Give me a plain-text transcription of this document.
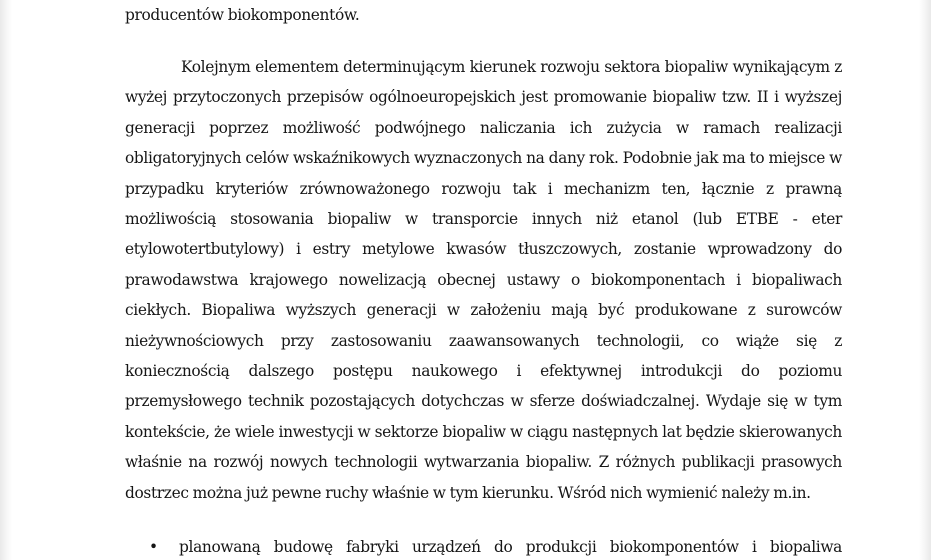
producentów biokomponentów.

Kolejnym elementem determinującym kierunek rozwoju sektora biopaliw wynikającym z wyżej przytoczonych przepisów ogólnoeuropejskich jest promowanie biopaliw tzw. II i wyższej generacji poprzez możliwość podwójnego naliczania ich zużycia w ramach realizacji obligatoryjnych celów wskaźnikowych wyznaczonych na dany rok. Podobnie jak ma to miejsce w przypadku kryteriów zrównoważonego rozwoju tak i mechanizm ten, łącznie z prawną możliwością stosowania biopaliw w transporcie innych niż etanol (lub ETBE - eter etylowotertbutylowy) i estry metylowe kwasów tłuszczowych, zostanie wprowadzony do prawodawstwa krajowego nowelizacją obecnej ustawy o biokomponentach i biopaliwach ciekłych. Biopaliwa wyższych generacji w założeniu mają być produkowane z surowców nieżywnościowych przy zastosowaniu zaawansowanych technologii, co wiąże się z koniecznością dalszego postępu naukowego i efektywnej introdukcji do poziomu przemysłowego technik pozostających dotychczas w sferze doświadczalnej. Wydaje się w tym kontekście, że wiele inwestycji w sektorze biopaliw w ciągu następnych lat będzie skierowanych właśnie na rozwój nowych technologii wytwarzania biopaliw. Z różnych publikacji prasowych dostrzec można już pewne ruchy właśnie w tym kierunku. Wśród nich wymienić należy m.in.

• planowaną budowę fabryki urządzeń do produkcji biokomponentów i biopaliwa
